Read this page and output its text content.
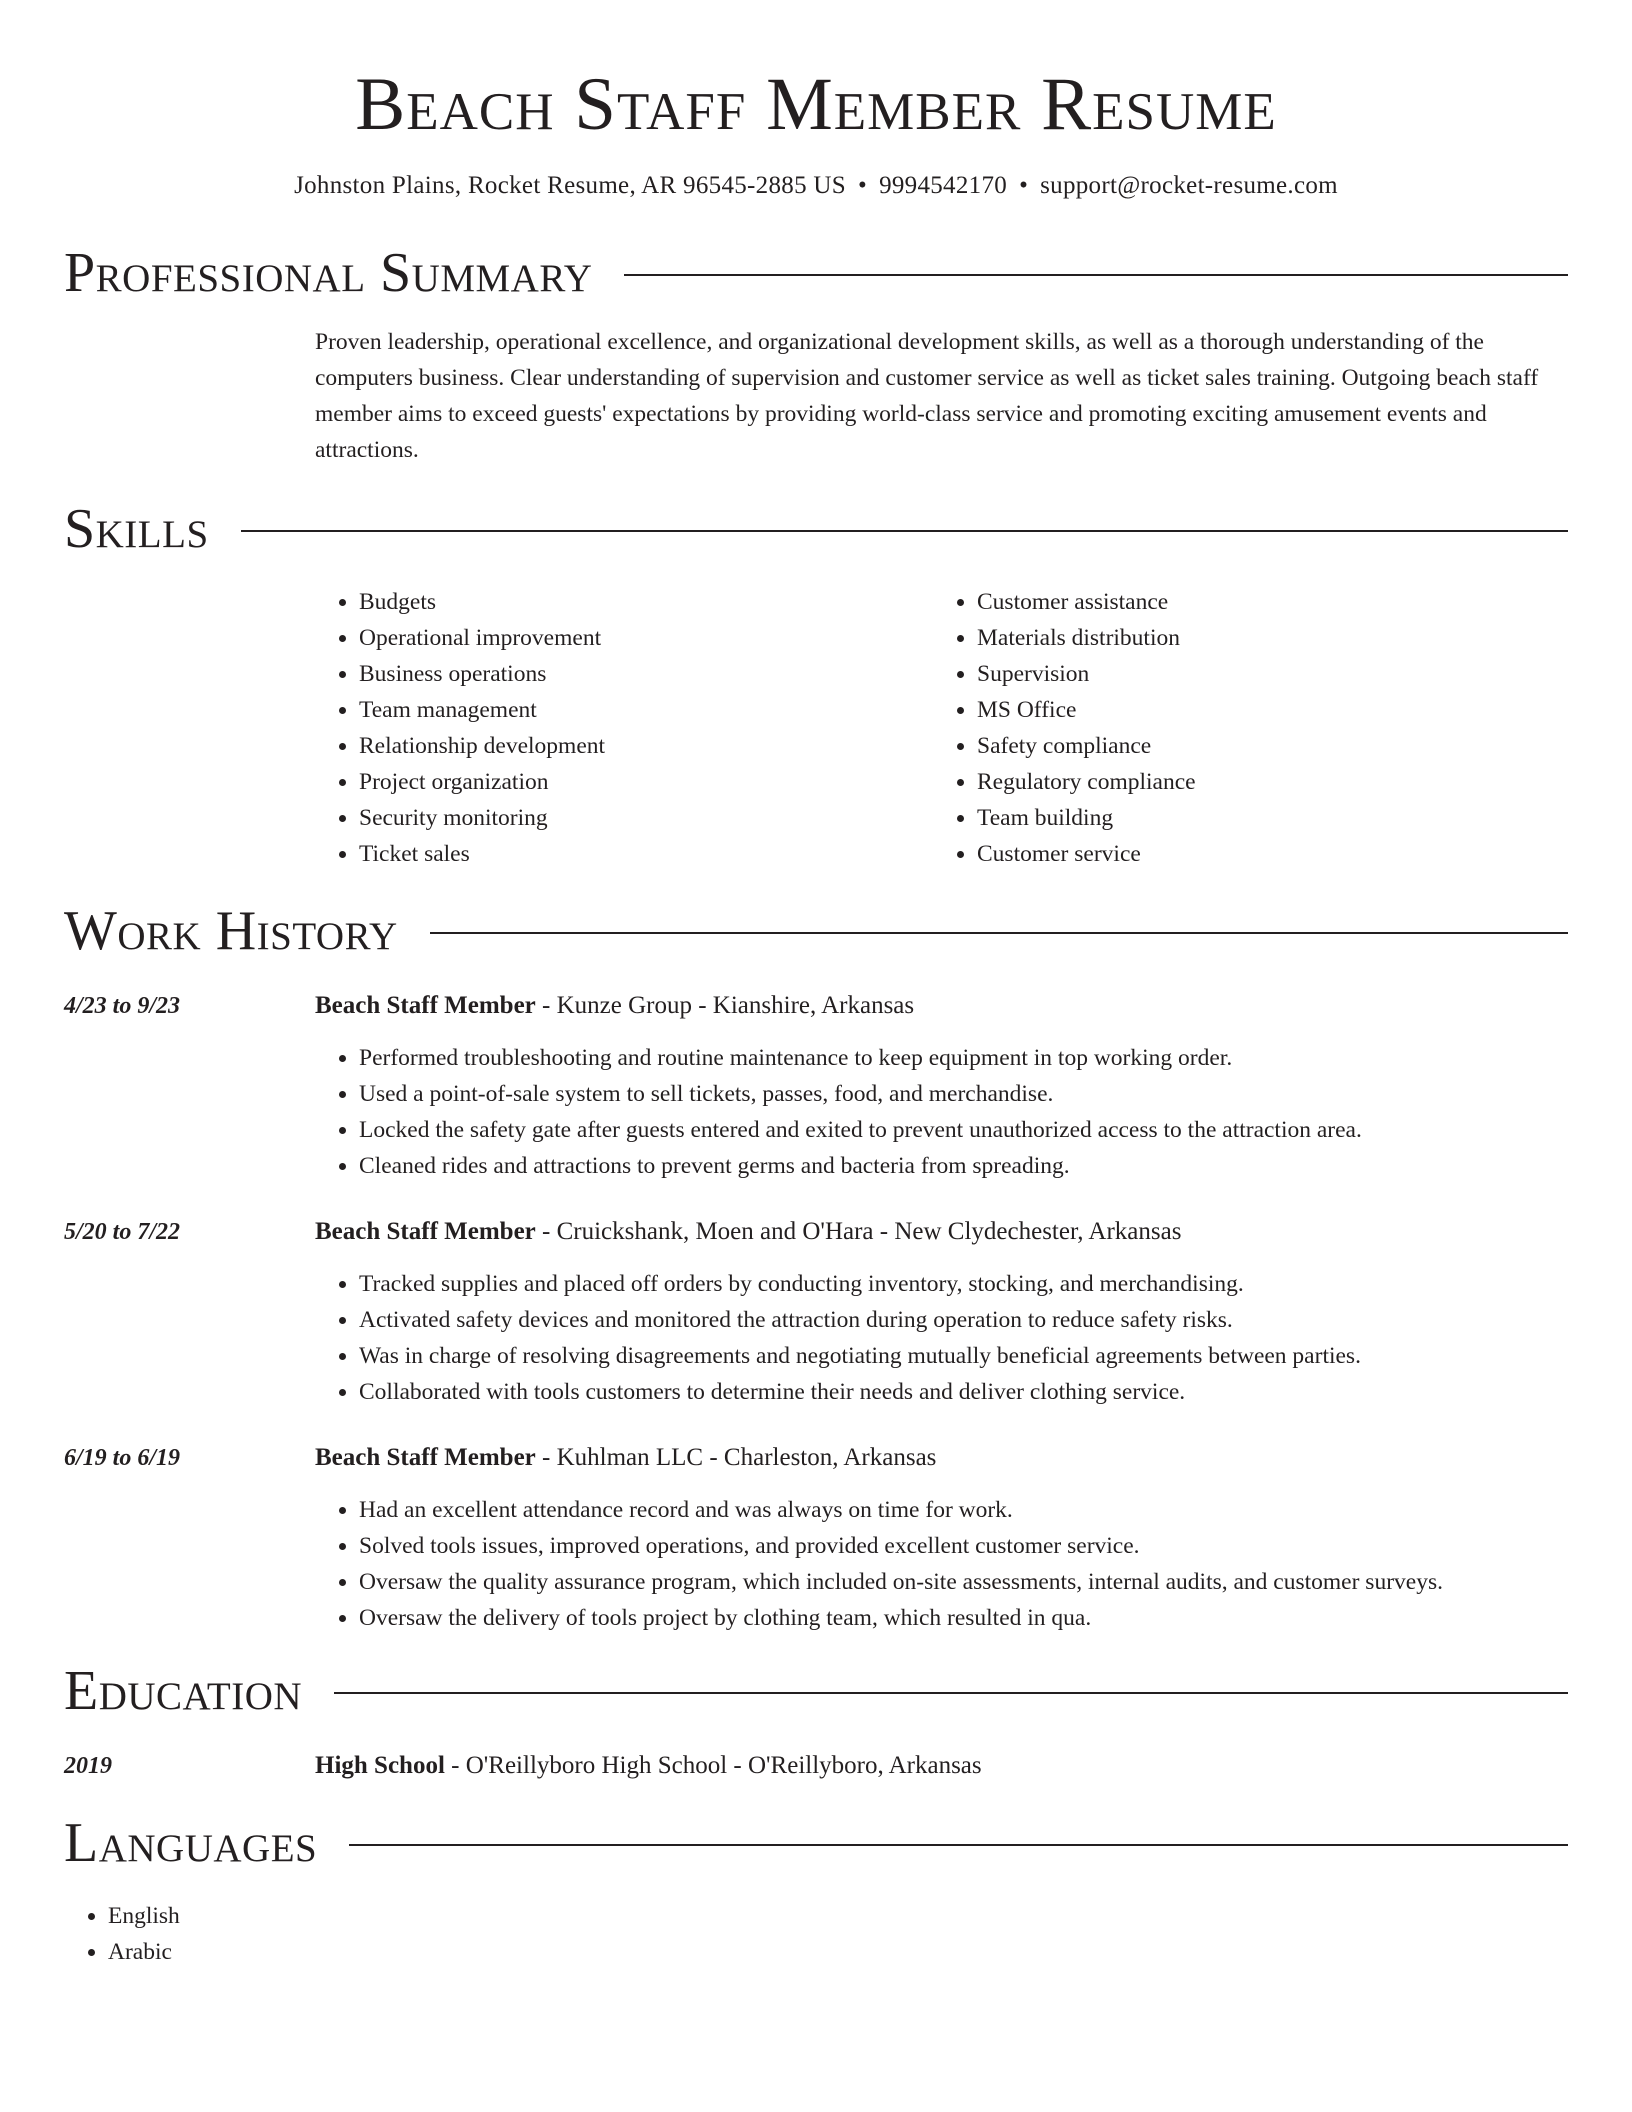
Beach Staff Member Resume
Johnston Plains, Rocket Resume, AR 96545-2885 US • 9994542170 • support@rocket-resume.com
Professional Summary
Proven leadership, operational excellence, and organizational development skills, as well as a thorough understanding of the computers business. Clear understanding of supervision and customer service as well as ticket sales training. Outgoing beach staff member aims to exceed guests' expectations by providing world-class service and promoting exciting amusement events and attractions.
Skills
• Budgets
• Operational improvement
• Business operations
• Team management
• Relationship development
• Project organization
• Security monitoring
• Ticket sales
• Customer assistance
• Materials distribution
• Supervision
• MS Office
• Safety compliance
• Regulatory compliance
• Team building
• Customer service
Work History
4/23 to 9/23	Beach Staff Member - Kunze Group - Kianshire, Arkansas
• Performed troubleshooting and routine maintenance to keep equipment in top working order.
• Used a point-of-sale system to sell tickets, passes, food, and merchandise.
• Locked the safety gate after guests entered and exited to prevent unauthorized access to the attraction area.
• Cleaned rides and attractions to prevent germs and bacteria from spreading.
5/20 to 7/22	Beach Staff Member - Cruickshank, Moen and O'Hara - New Clydechester, Arkansas
• Tracked supplies and placed off orders by conducting inventory, stocking, and merchandising.
• Activated safety devices and monitored the attraction during operation to reduce safety risks.
• Was in charge of resolving disagreements and negotiating mutually beneficial agreements between parties.
• Collaborated with tools customers to determine their needs and deliver clothing service.
6/19 to 6/19	Beach Staff Member - Kuhlman LLC - Charleston, Arkansas
• Had an excellent attendance record and was always on time for work.
• Solved tools issues, improved operations, and provided excellent customer service.
• Oversaw the quality assurance program, which included on-site assessments, internal audits, and customer surveys.
• Oversaw the delivery of tools project by clothing team, which resulted in qua.
Education
2019	High School - O'Reillyboro High School - O'Reillyboro, Arkansas
Languages
• English
• Arabic
